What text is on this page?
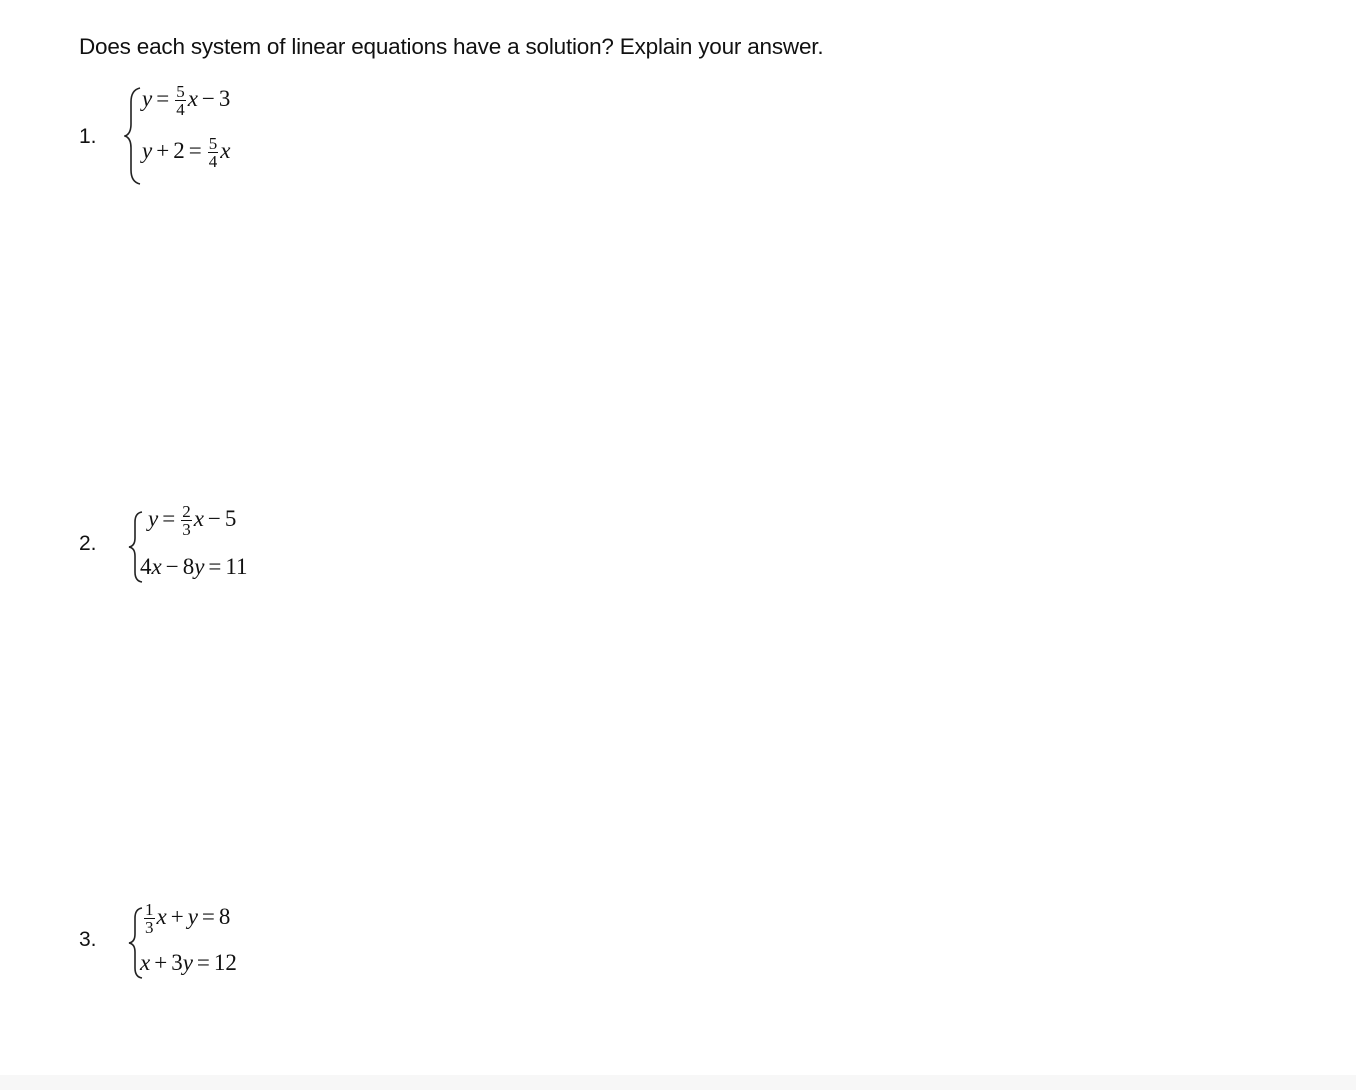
Does each system of linear equations have a solution? Explain your answer.
1.
$y = \frac{5}{4}$ x − 3
$y + 2 = \frac{5}{4}$ x
2.
$y = \frac{2}{3}$ x − 5
4x − 8y = 11
3.
$\frac{1}{3}$ x + y = 8
x + 3y = 12
